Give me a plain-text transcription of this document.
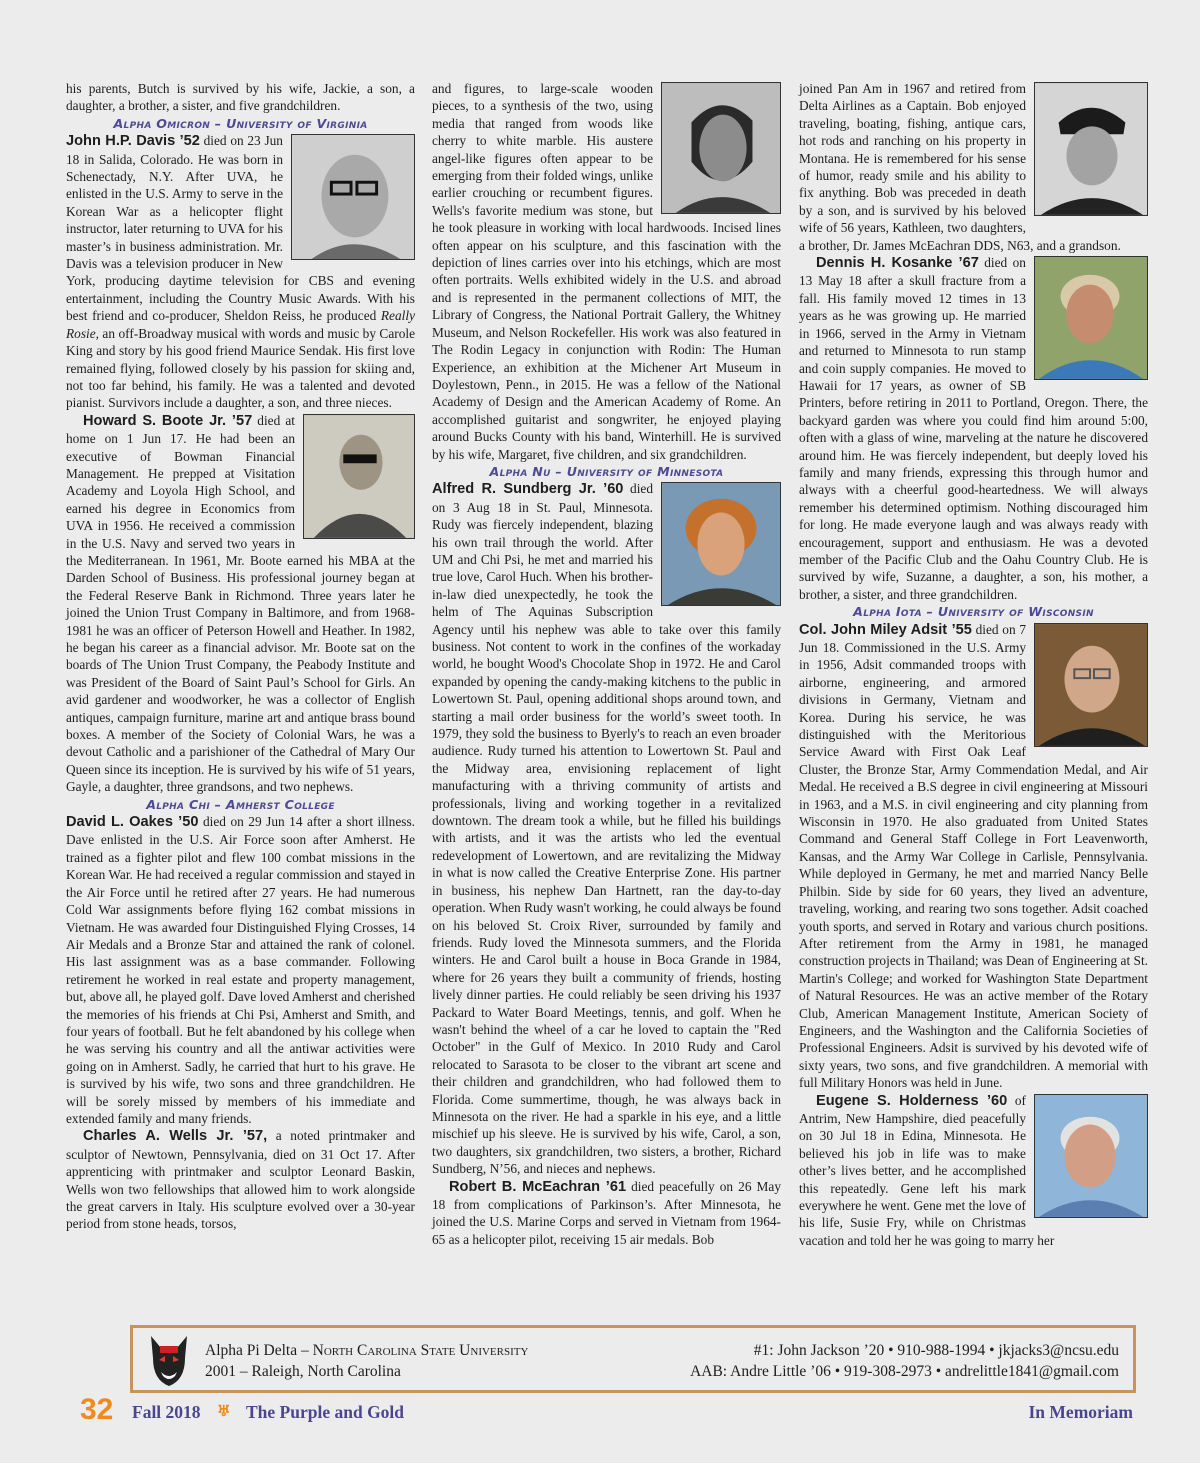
his parents, Butch is survived by his wife, Jackie, a son, a daughter, a brother, a sister, and five grandchildren.

Alpha Omicron – University of Virginia

John H.P. Davis ’52 died on 23 Jun 18 in Salida, Colorado. He was born in Schenectady, N.Y. After UVA, he enlisted in the U.S. Army to serve in the Korean War as a helicopter flight instructor, later returning to UVA for his master’s in business administration. Mr. Davis was a television producer in New York, producing daytime television for CBS and evening entertainment, including the Country Music Awards. With his best friend and co-producer, Sheldon Reiss, he produced Really Rosie, an off-Broadway musical with words and music by Carole King and story by his good friend Maurice Sendak. His first love remained flying, followed closely by his passion for skiing and, not too far behind, his family. He was a talented and devoted pianist. Survivors include a daughter, a son, and three nieces.

Howard S. Boote Jr. ’57 died at home on 1 Jun 17. He had been an executive of Bowman Financial Management. He prepped at Visitation Academy and Loyola High School, and earned his degree in Economics from UVA in 1956. He received a commission in the U.S. Navy and served two years in the Mediterranean. In 1961, Mr. Boote earned his MBA at the Darden School of Business. His professional journey began at the Federal Reserve Bank in Richmond. Three years later he joined the Union Trust Company in Baltimore, and from 1968-1981 he was an officer of Peterson Howell and Heather. In 1982, he began his career as a financial advisor. Mr. Boote sat on the boards of The Union Trust Company, the Peabody Institute and was President of the Board of Saint Paul’s School for Girls. An avid gardener and woodworker, he was a collector of English antiques, campaign furniture, marine art and antique brass bound boxes. A member of the Society of Colonial Wars, he was a devout Catholic and a parishioner of the Cathedral of Mary Our Queen since its inception. He is survived by his wife of 51 years, Gayle, a daughter, three grandsons, and two nephews.

Alpha Chi – Amherst College

David L. Oakes ’50 died on 29 Jun 14 after a short illness. Dave enlisted in the U.S. Air Force soon after Amherst. He trained as a fighter pilot and flew 100 combat missions in the Korean War. He had received a regular commission and stayed in the Air Force until he retired after 27 years. He had numerous Cold War assignments before flying 162 combat missions in Vietnam. He was awarded four Distinguished Flying Crosses, 14 Air Medals and a Bronze Star and attained the rank of colonel. His last assignment was as a base commander. Following retirement he worked in real estate and property management, but, above all, he played golf. Dave loved Amherst and cherished the memories of his friends at Chi Psi, Amherst and Smith, and four years of football. But he felt abandoned by his college when he was serving his country and all the antiwar activities were going on in Amherst. Sadly, he carried that hurt to his grave. He is survived by his wife, two sons and three grandchildren. He will be sorely missed by members of his immediate and extended family and many friends.

Charles A. Wells Jr. ’57, a noted printmaker and sculptor of Newtown, Pennsylvania, died on 31 Oct 17. After apprenticing with printmaker and sculptor Leonard Baskin, Wells won two fellowships that allowed him to work alongside the great carvers in Italy. His sculpture evolved over a 30-year period from stone heads, torsos,

and figures, to large-scale wooden pieces, to a synthesis of the two, using media that ranged from woods like cherry to white marble. His austere angel-like figures often appear to be emerging from their folded wings, unlike earlier crouching or recumbent figures. Wells's favorite medium was stone, but he took pleasure in working with local hardwoods. Incised lines often appear on his sculpture, and this fascination with the depiction of lines carries over into his etchings, which are most often portraits. Wells exhibited widely in the U.S. and abroad and is represented in the permanent collections of MIT, the Library of Congress, the National Portrait Gallery, the Whitney Museum, and Nelson Rockefeller. His work was also featured in The Rodin Legacy in conjunction with Rodin: The Human Experience, an exhibition at the Michener Art Museum in Doylestown, Penn., in 2015. He was a fellow of the National Academy of Design and the American Academy of Rome. An accomplished guitarist and songwriter, he enjoyed playing around Bucks County with his band, Winterhill. He is survived by his wife, Margaret, five children, and six grandchildren.

Alpha Nu – University of Minnesota

Alfred R. Sundberg Jr. ’60 died on 3 Aug 18 in St. Paul, Minnesota. Rudy was fiercely independent, blazing his own trail through the world. After UM and Chi Psi, he met and married his true love, Carol Huch. When his brother-in-law died unexpectedly, he took the helm of The Aquinas Subscription Agency until his nephew was able to take over this family business. Not content to work in the confines of the workaday world, he bought Wood's Chocolate Shop in 1972. He and Carol expanded by opening the candy-making kitchens to the public in Lowertown St. Paul, opening additional shops around town, and starting a mail order business for the world’s sweet tooth. In 1979, they sold the business to Byerly's to reach an even broader audience. Rudy turned his attention to Lowertown St. Paul and the Midway area, envisioning replacement of light manufacturing with a thriving community of artists and professionals, living and working together in a revitalized downtown. The dream took a while, but he filled his buildings with artists, and it was the artists who led the eventual redevelopment of Lowertown, and are revitalizing the Midway in what is now called the Creative Enterprise Zone. His partner in business, his nephew Dan Hartnett, ran the day-to-day operation. When Rudy wasn't working, he could always be found on his beloved St. Croix River, surrounded by family and friends. Rudy loved the Minnesota summers, and the Florida winters. He and Carol built a house in Boca Grande in 1984, where for 26 years they built a community of friends, hosting lively dinner parties. He could reliably be seen driving his 1937 Packard to Water Board Meetings, tennis, and golf. When he wasn't behind the wheel of a car he loved to captain the "Red October" in the Gulf of Mexico. In 2010 Rudy and Carol relocated to Sarasota to be closer to the vibrant art scene and their children and grandchildren, who had followed them to Florida. Come summertime, though, he was always back in Minnesota on the river. He had a sparkle in his eye, and a little mischief up his sleeve. He is survived by his wife, Carol, a son, two daughters, six grandchildren, two sisters, a brother, Richard Sundberg, N’56, and nieces and nephews.

Robert B. McEachran ’61 died peacefully on 26 May 18 from complications of Parkinson’s. After Minnesota, he joined the U.S. Marine Corps and served in Vietnam from 1964-65 as a helicopter pilot, receiving 15 air medals. Bob

joined Pan Am in 1967 and retired from Delta Airlines as a Captain. Bob enjoyed traveling, boating, fishing, antique cars, hot rods and ranching on his property in Montana. He is remembered for his sense of humor, ready smile and his ability to fix anything. Bob was preceded in death by a son, and is survived by his beloved wife of 56 years, Kathleen, two daughters, a brother, Dr. James McEachran DDS, N63, and a grandson.

Dennis H. Kosanke ’67 died on 13 May 18 after a skull fracture from a fall. His family moved 12 times in 13 years as he was growing up. He married in 1966, served in the Army in Vietnam and returned to Minnesota to run stamp and coin supply companies. He moved to Hawaii for 17 years, as owner of SB Printers, before retiring in 2011 to Portland, Oregon. There, the backyard garden was where you could find him around 5:00, often with a glass of wine, marveling at the nature he discovered around him. He was fiercely independent, but deeply loved his family and many friends, expressing this through humor and always with a cheerful good-heartedness. We will always remember his determined optimism. Nothing discouraged him for long. He made everyone laugh and was always ready with encouragement, support and enthusiasm. He was a devoted member of the Pacific Club and the Oahu Country Club. He is survived by wife, Suzanne, a daughter, a son, his mother, a brother, a sister, and three grandchildren.

Alpha Iota – University of Wisconsin

Col. John Miley Adsit ’55 died on 7 Jun 18. Commissioned in the U.S. Army in 1956, Adsit commanded troops with airborne, engineering, and armored divisions in Germany, Vietnam and Korea. During his service, he was distinguished with the Meritorious Service Award with First Oak Leaf Cluster, the Bronze Star, Army Commendation Medal, and Air Medal. He received a B.S degree in civil engineering at Missouri in 1963, and a M.S. in civil engineering and city planning from Wisconsin in 1970. He also graduated from United States Command and General Staff College in Fort Leavenworth, Kansas, and the Army War College in Carlisle, Pennsylvania. While deployed in Germany, he met and married Nancy Belle Philbin. Side by side for 60 years, they lived an adventure, traveling, working, and rearing two sons together. Adsit coached youth sports, and served in Rotary and various church positions. After retirement from the Army in 1981, he managed construction projects in Thailand; was Dean of Engineering at St. Martin's College; and worked for Washington State Department of Natural Resources. He was an active member of the Rotary Club, American Management Institute, American Society of Engineers, and the Washington and the California Societies of Professional Engineers. Adsit is survived by his devoted wife of sixty years, two sons, and five grandchildren. A memorial with full Military Honors was held in June.

Eugene S. Holderness ’60 of Antrim, New Hampshire, died peacefully on 30 Jul 18 in Edina, Minnesota. He believed his job in life was to make other’s lives better, and he accomplished this repeatedly. Gene left his mark everywhere he went. Gene met the love of his life, Susie Fry, while on Christmas vacation and told her he was going to marry her

Alpha Pi Delta – North Carolina State University
2001 – Raleigh, North Carolina
#1: John Jackson ’20 • 910-988-1994 • jkjacks3@ncsu.edu
AAB: Andre Little ’06 • 919-308-2973 • andrelittle1841@gmail.com
32 Fall 2018 ♅ The Purple and Gold	In Memoriam
